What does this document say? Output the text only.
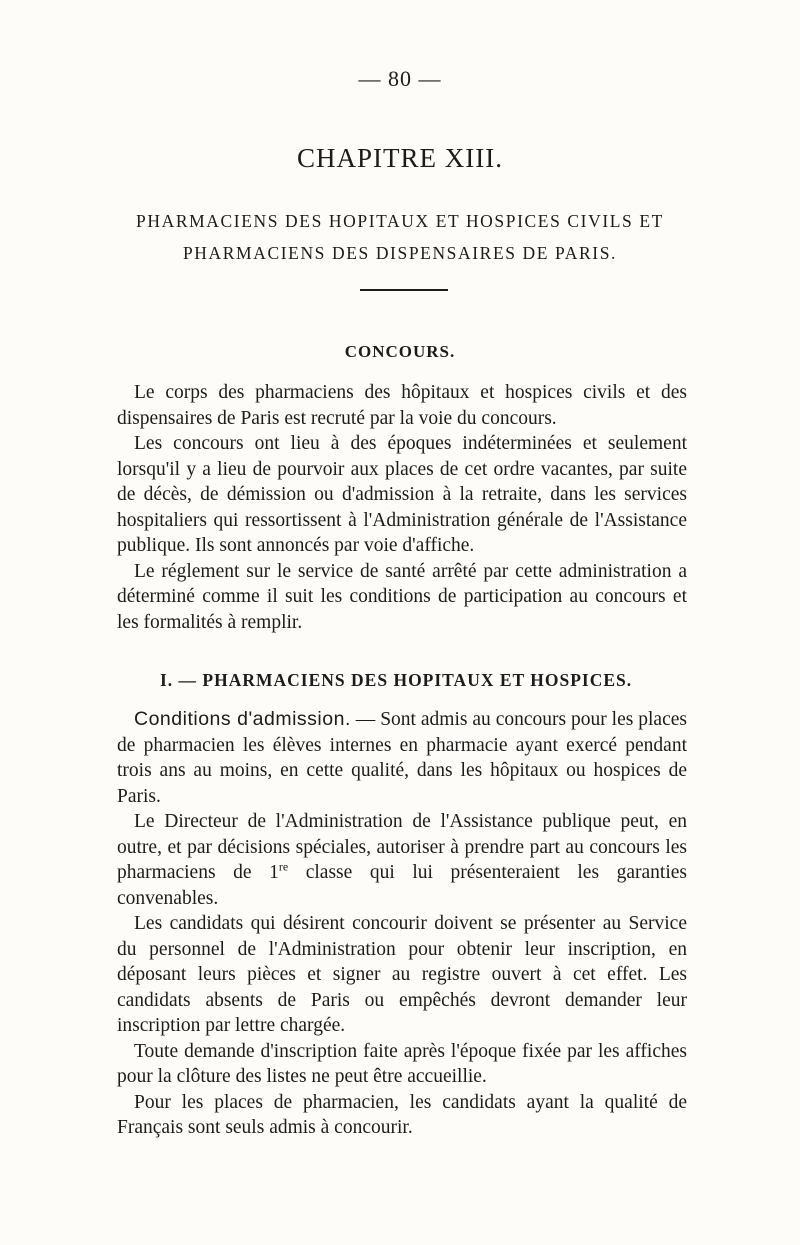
— 80 —
CHAPITRE XIII.
PHARMACIENS DES HOPITAUX ET HOSPICES CIVILS ET
PHARMACIENS DES DISPENSAIRES DE PARIS.
CONCOURS.

Le corps des pharmaciens des hôpitaux et hospices civils et des dispensaires de Paris est recruté par la voie du concours.

Les concours ont lieu à des époques indéterminées et seulement lorsqu'il y a lieu de pourvoir aux places de cet ordre vacantes, par suite de décès, de démission ou d'admission à la retraite, dans les services hospitaliers qui ressortissent à l'Administration générale de l'Assistance publique. Ils sont annoncés par voie d'affiche.

Le réglement sur le service de santé arrêté par cette administration a déterminé comme il suit les conditions de participation au concours et les formalités à remplir.

I. — PHARMACIENS DES HOPITAUX ET HOSPICES.

Conditions d'admission. — Sont admis au concours pour les places de pharmacien les élèves internes en pharmacie ayant exercé pendant trois ans au moins, en cette qualité, dans les hôpitaux ou hospices de Paris.

Le Directeur de l'Administration de l'Assistance publique peut, en outre, et par décisions spéciales, autoriser à prendre part au concours les pharmaciens de 1re classe qui lui présenteraient les garanties convenables.

Les candidats qui désirent concourir doivent se présenter au Service du personnel de l'Administration pour obtenir leur inscription, en déposant leurs pièces et signer au registre ouvert à cet effet. Les candidats absents de Paris ou empêchés devront demander leur inscription par lettre chargée.

Toute demande d'inscription faite après l'époque fixée par les affiches pour la clôture des listes ne peut être accueillie.

Pour les places de pharmacien, les candidats ayant la qualité de Français sont seuls admis à concourir.
